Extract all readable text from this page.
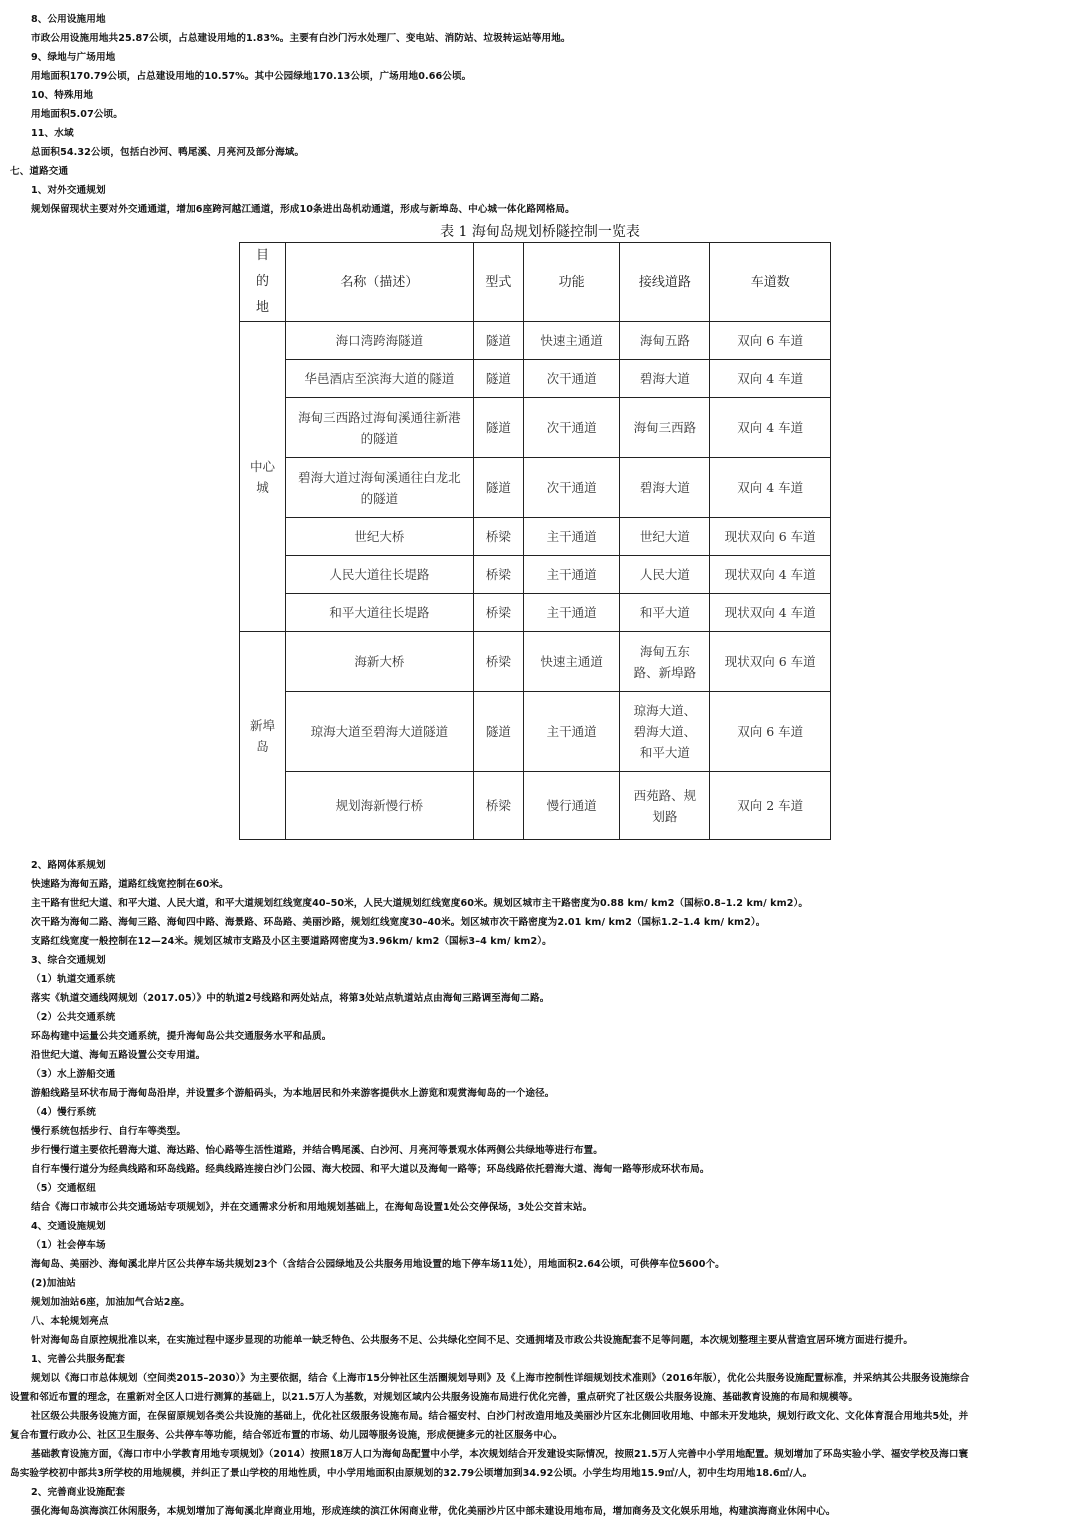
8、公用设施用地
市政公用设施用地共25.87公顷，占总建设用地的1.83%。主要有白沙门污水处理厂、变电站、消防站、垃圾转运站等用地。
9、绿地与广场用地
用地面积170.79公顷，占总建设用地的10.57%。其中公园绿地170.13公顷，广场用地0.66公顷。
10、特殊用地
用地面积5.07公顷。
11、水域
总面积54.32公顷，包括白沙河、鸭尾溪、月亮河及部分海域。
七、道路交通
1、对外交通规划
规划保留现状主要对外交通通道，增加6座跨河越江通道，形成10条进出岛机动通道，形成与新埠岛、中心城一体化路网格局。
表 1 海甸岛规划桥隧控制一览表
目的地	名称（描述）	型式	功能	接线道路	车道数

中心城	海口湾跨海隧道	隧道	快速主通道	海甸五路	双向 6 车道
	华邑酒店至滨海大道的隧道	隧道	次干通道	碧海大道	双向 4 车道

	海甸三西路过海甸溪通往新港的隧道	隧道	次干通道	海甸三西路	双向 4 车道

	碧海大道过海甸溪通往白龙北的隧道	隧道	次干通道	碧海大道	双向 4 车道
	世纪大桥	桥梁	主干通道	世纪大道	现状双向 6 车道
	人民大道往长堤路	桥梁	主干通道	人民大道	现状双向 4 车道
	和平大道往长堤路	桥梁	主干通道	和平大道	现状双向 4 车道

新埠岛	海新大桥	桥梁	快速主通道	海甸五东路、新埠路	现状双向 6 车道
	琼海大道至碧海大道隧道	隧道	主干通道	琼海大道、碧海大道、和平大道	双向 6 车道
	规划海新慢行桥	桥梁	慢行通道	西苑路、规划路	双向 2 车道
2、路网体系规划
快速路为海甸五路，道路红线宽控制在60米。
主干路有世纪大道、和平大道、人民大道，和平大道规划红线宽度40–50米，人民大道规划红线宽度60米。规划区城市主干路密度为0.88 km/ km2（国标0.8–1.2 km/ km2）。
次干路为海甸二路、海甸三路、海甸四中路、海景路、环岛路、美丽沙路，规划红线宽度30–40米。划区城市次干路密度为2.01 km/ km2（国标1.2–1.4 km/ km2）。
支路红线宽度一般控制在12—24米。规划区城市支路及小区主要道路网密度为3.96km/ km2（国标3–4 km/ km2）。
3、综合交通规划
（1）轨道交通系统
落实《轨道交通线网规划（2017.05）》中的轨道2号线路和两处站点，将第3处站点轨道站点由海甸三路调至海甸二路。
（2）公共交通系统
环岛构建中运量公共交通系统，提升海甸岛公共交通服务水平和品质。
沿世纪大道、海甸五路设置公交专用道。
（3）水上游船交通
游船线路呈环状布局于海甸岛沿岸，并设置多个游船码头，为本地居民和外来游客提供水上游览和观赏海甸岛的一个途径。
（4）慢行系统
慢行系统包括步行、自行车等类型。
步行慢行道主要依托碧海大道、海达路、怡心路等生活性道路，并结合鸭尾溪、白沙河、月亮河等景观水体两侧公共绿地等进行布置。
自行车慢行道分为经典线路和环岛线路。经典线路连接白沙门公园、海大校园、和平大道以及海甸一路等；环岛线路依托碧海大道、海甸一路等形成环状布局。
（5）交通枢纽
结合《海口市城市公共交通场站专项规划》，并在交通需求分析和用地规划基础上，在海甸岛设置1处公交停保场，3处公交首末站。
4、交通设施规划
（1）社会停车场
海甸岛、美丽沙、海甸溪北岸片区公共停车场共规划23个（含结合公园绿地及公共服务用地设置的地下停车场11处），用地面积2.64公顷，可供停车位5600个。
(2)加油站
规划加油站6座，加油加气合站2座。
八、本轮规划亮点
针对海甸岛自原控规批准以来，在实施过程中逐步显现的功能单一缺乏特色、公共服务不足、公共绿化空间不足、交通拥堵及市政公共设施配套不足等问题，本次规划整理主要从营造宜居环境方面进行提升。
1、完善公共服务配套
规划以《海口市总体规划（空间类2015–2030）》为主要依据，结合《上海市15分钟社区生活圈规划导则》及《上海市控制性详细规划技术准则》（2016年版），优化公共服务设施配置标准，并采纳其公共服务设施综合
设置和邻近布置的理念，在重新对全区人口进行测算的基础上，以21.5万人为基数，对规划区域内公共服务设施布局进行优化完善，重点研究了社区级公共服务设施、基础教育设施的布局和规模等。
社区级公共服务设施方面，在保留原规划各类公共设施的基础上，优化社区级服务设施布局。结合福安村、白沙门村改造用地及美丽沙片区东北侧回收用地、中部未开发地块，规划行政文化、文化体育混合用地共5处，并
复合布置行政办公、社区卫生服务、公共停车等功能，结合邻近布置的市场、幼儿园等服务设施，形成便捷多元的社区服务中心。
基础教育设施方面，《海口市中小学教育用地专项规划》（2014）按照18万人口为海甸岛配置中小学，本次规划结合开发建设实际情况，按照21.5万人完善中小学用地配置。规划增加了环岛实验小学、福安学校及海口寰
岛实验学校初中部共3所学校的用地规模，并纠正了景山学校的用地性质，中小学用地面积由原规划的32.79公顷增加到34.92公顷。小学生均用地15.9㎡/人，初中生均用地18.6㎡/人。
2、完善商业设施配套
强化海甸岛滨海滨江休闲服务，本规划增加了海甸溪北岸商业用地，形成连续的滨江休闲商业带，优化美丽沙片区中部未建设用地布局，增加商务及文化娱乐用地，构建滨海商业休闲中心。
